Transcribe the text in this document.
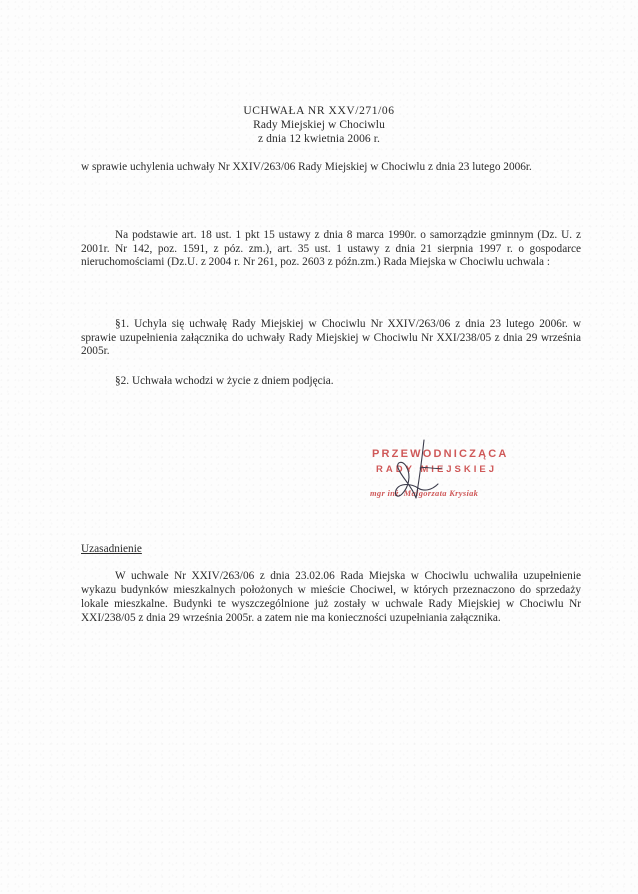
UCHWAŁA NR XXV/271/06
Rady Miejskiej w Chociwlu
z dnia 12 kwietnia 2006 r.
w sprawie uchylenia uchwały Nr XXIV/263/06 Rady Miejskiej w Chociwlu z dnia 23 lutego 2006r.
Na podstawie art. 18 ust. 1 pkt 15 ustawy z dnia 8 marca 1990r. o samorządzie gminnym (Dz. U. z 2001r. Nr 142, poz. 1591, z póz. zm.), art. 35 ust. 1 ustawy z dnia 21 sierpnia 1997 r. o gospodarce nieruchomościami (Dz.U. z 2004 r. Nr 261, poz. 2603 z późn.zm.) Rada Miejska w Chociwlu uchwala :
§1. Uchyla się uchwałę Rady Miejskiej w Chociwlu Nr XXIV/263/06 z dnia 23 lutego 2006r. w sprawie uzupełnienia załącznika do uchwały Rady Miejskiej w Chociwlu Nr XXI/238/05 z dnia 29 września 2005r.
§2. Uchwała wchodzi w życie z dniem podjęcia.
PRZEWODNICZĄCA
RADY MIEJSKIEJ
mgr inż. Małgorzata Krysiak
Uzasadnienie
W uchwale Nr XXIV/263/06 z dnia 23.02.06 Rada Miejska w Chociwlu uchwaliła uzupełnienie wykazu budynków mieszkalnych położonych w mieście Chociwel, w których przeznaczono do sprzedaży lokale mieszkalne. Budynki te wyszczególnione już zostały w uchwale Rady Miejskiej w Chociwlu Nr XXI/238/05 z dnia 29 września 2005r. a zatem nie ma konieczności uzupełniania załącznika.
